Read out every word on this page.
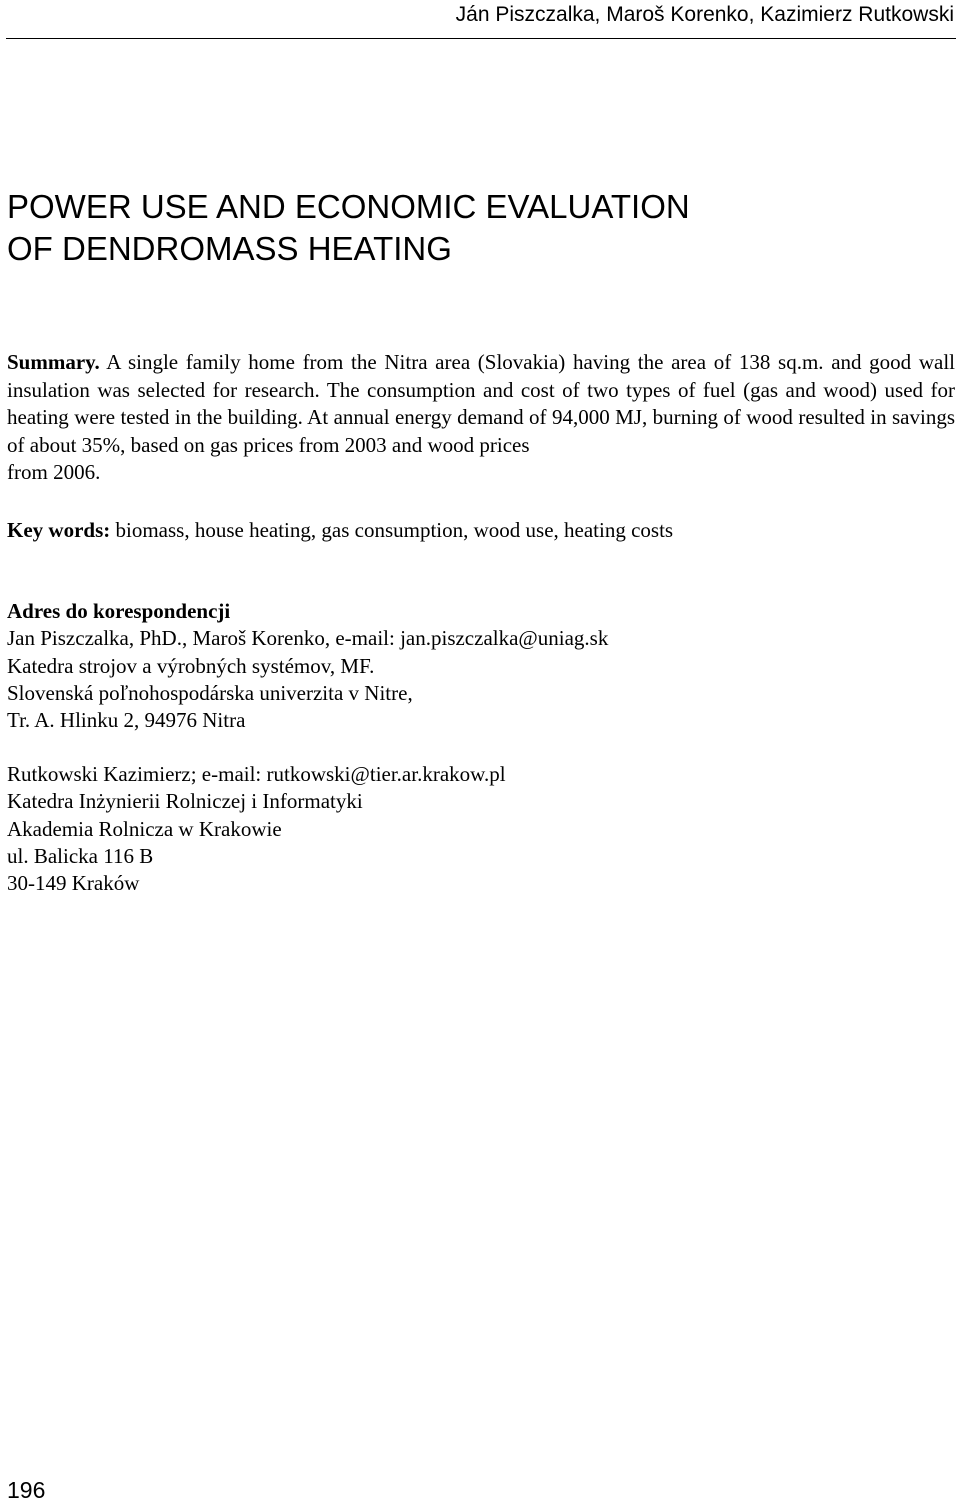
Ján Piszczalka, Maroš Korenko, Kazimierz Rutkowski
POWER USE AND ECONOMIC EVALUATION
OF DENDROMASS HEATING

Summary. A single family home from the Nitra area (Slovakia) having the area of 138 sq.m. and good wall insulation was selected for research. The consumption and cost of two types of fuel (gas and wood) used for heating were tested in the building. At annual energy demand of 94,000 MJ, burning of wood resulted in savings of about 35%, based on gas prices from 2003 and wood prices

from 2006.
Key words: biomass, house heating, gas consumption, wood use, heating costs
Adres do korespondencji
Jan Piszczalka, PhD., Maroš Korenko, e-mail: jan.piszczalka@uniag.sk
Katedra strojov a výrobných systémov, MF.
Slovenská poľnohospodárska univerzita v Nitre,
Tr. A. Hlinku 2, 94976 Nitra
Rutkowski Kazimierz; e-mail: rutkowski@tier.ar.krakow.pl
Katedra Inżynierii Rolniczej i Informatyki
Akademia Rolnicza w Krakowie
ul. Balicka 116 B
30-149 Kraków
196
